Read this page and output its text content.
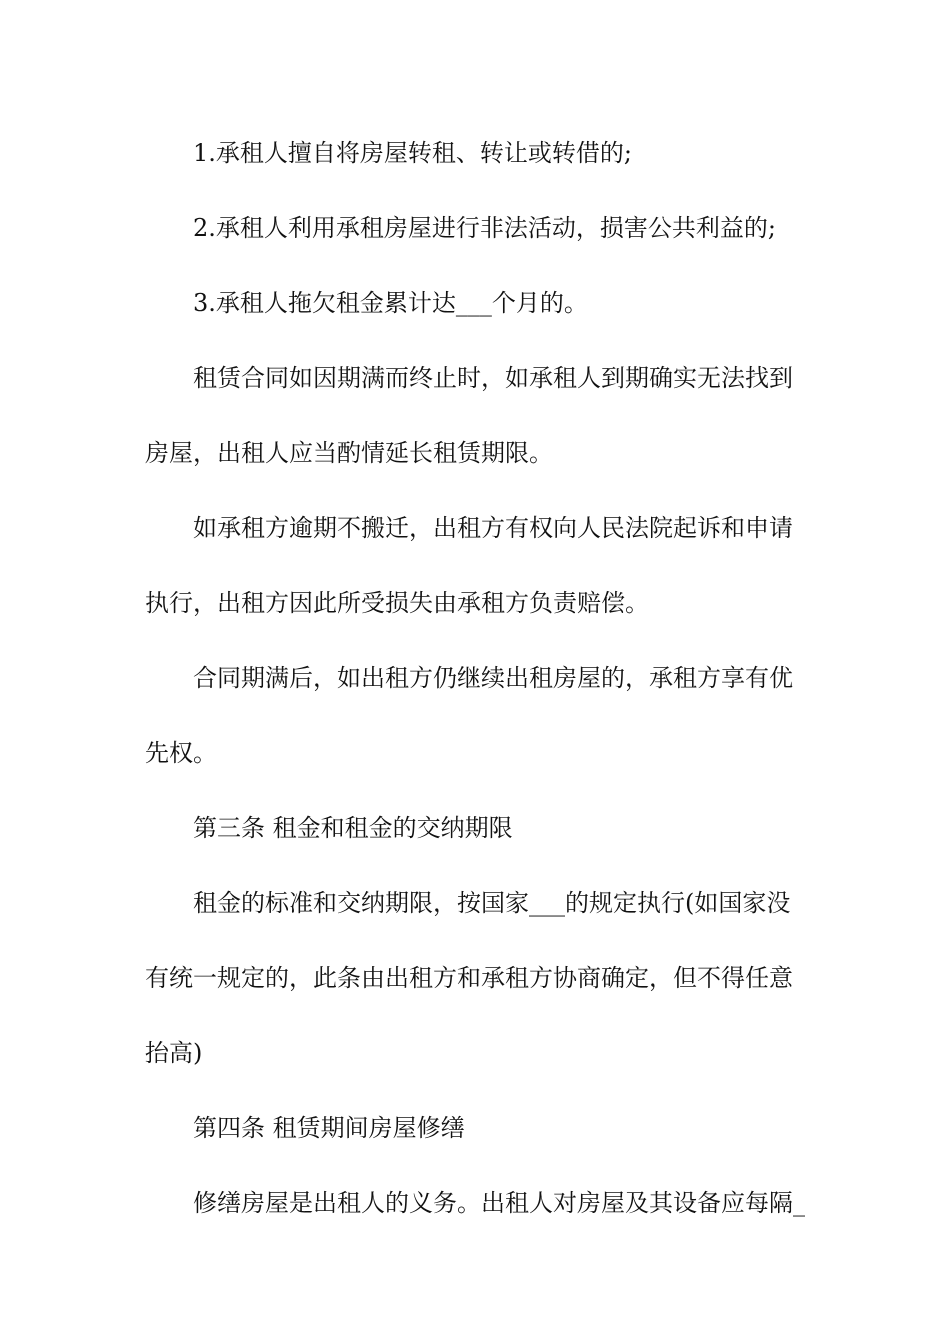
1.承租人擅自将房屋转租、转让或转借的;
2.承租人利用承租房屋进行非法活动，损害公共利益的;
3.承租人拖欠租金累计达___个月的。
租赁合同如因期满而终止时，如承租人到期确实无法找到
房屋，出租人应当酌情延长租赁期限。
如承租方逾期不搬迁，出租方有权向人民法院起诉和申请
执行，出租方因此所受损失由承租方负责赔偿。
合同期满后，如出租方仍继续出租房屋的，承租方享有优
先权。
第三条 租金和租金的交纳期限
租金的标准和交纳期限，按国家___的规定执行(如国家没
有统一规定的，此条由出租方和承租方协商确定，但不得任意
抬高)
第四条 租赁期间房屋修缮
修缮房屋是出租人的义务。出租人对房屋及其设备应每隔_
